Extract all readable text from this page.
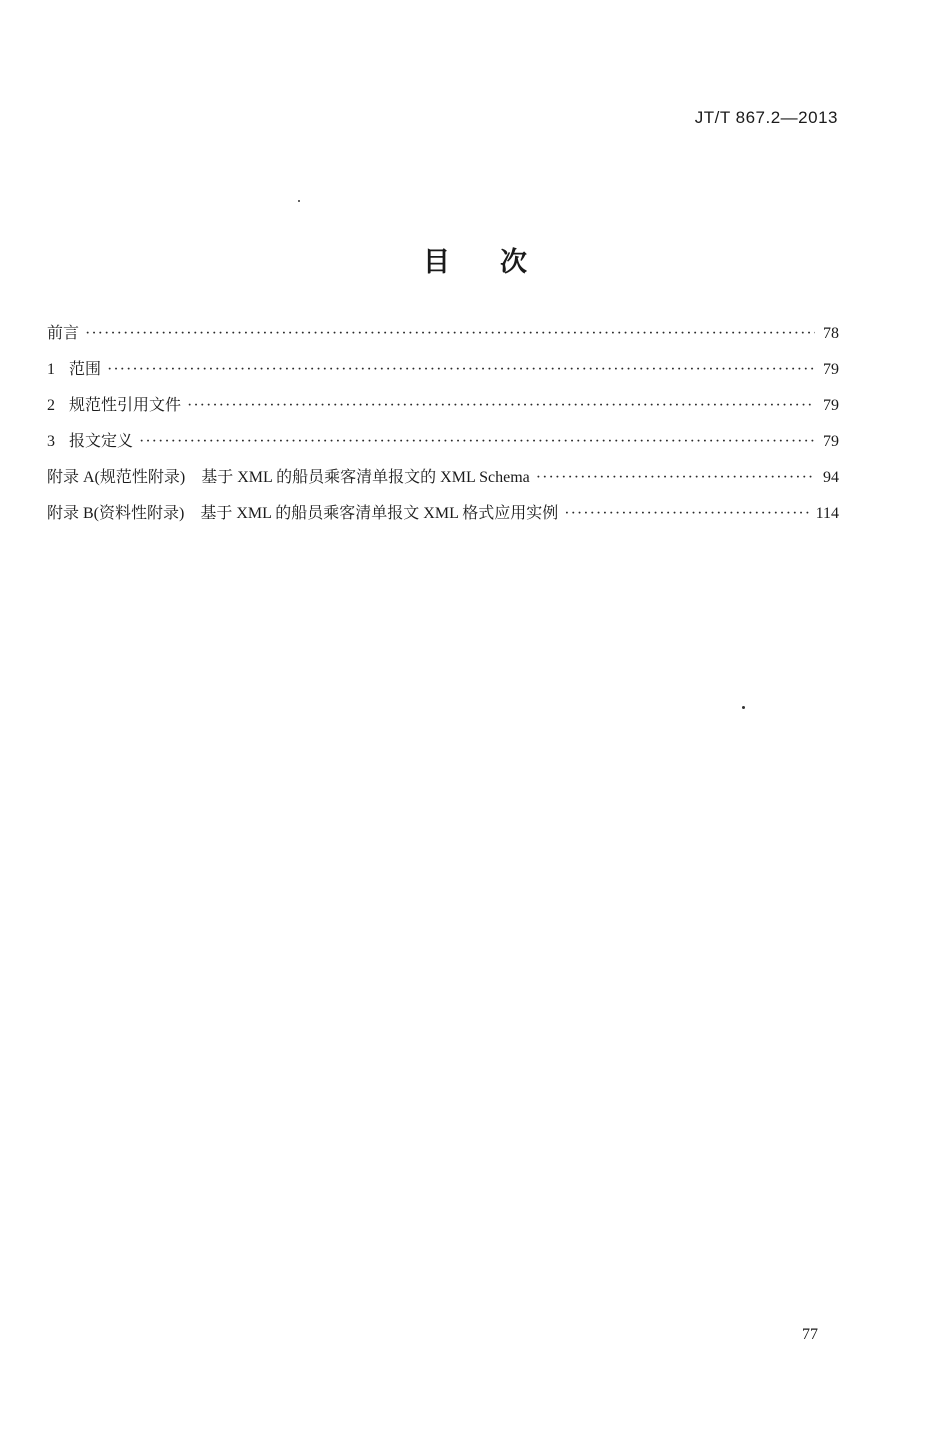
JT/T 867.2—2013
目 次
前言 ·····	78
1 范围 ·····	79
2 规范性引用文件 ·····	79
3 报文定义 ·····	79
附录 A(规范性附录)　基于 XML 的船员乘客清单报文的 XML Schema ·····	94
附录 B(资料性附录)　基于 XML 的船员乘客清单报文 XML 格式应用实例 ·····	114
77
